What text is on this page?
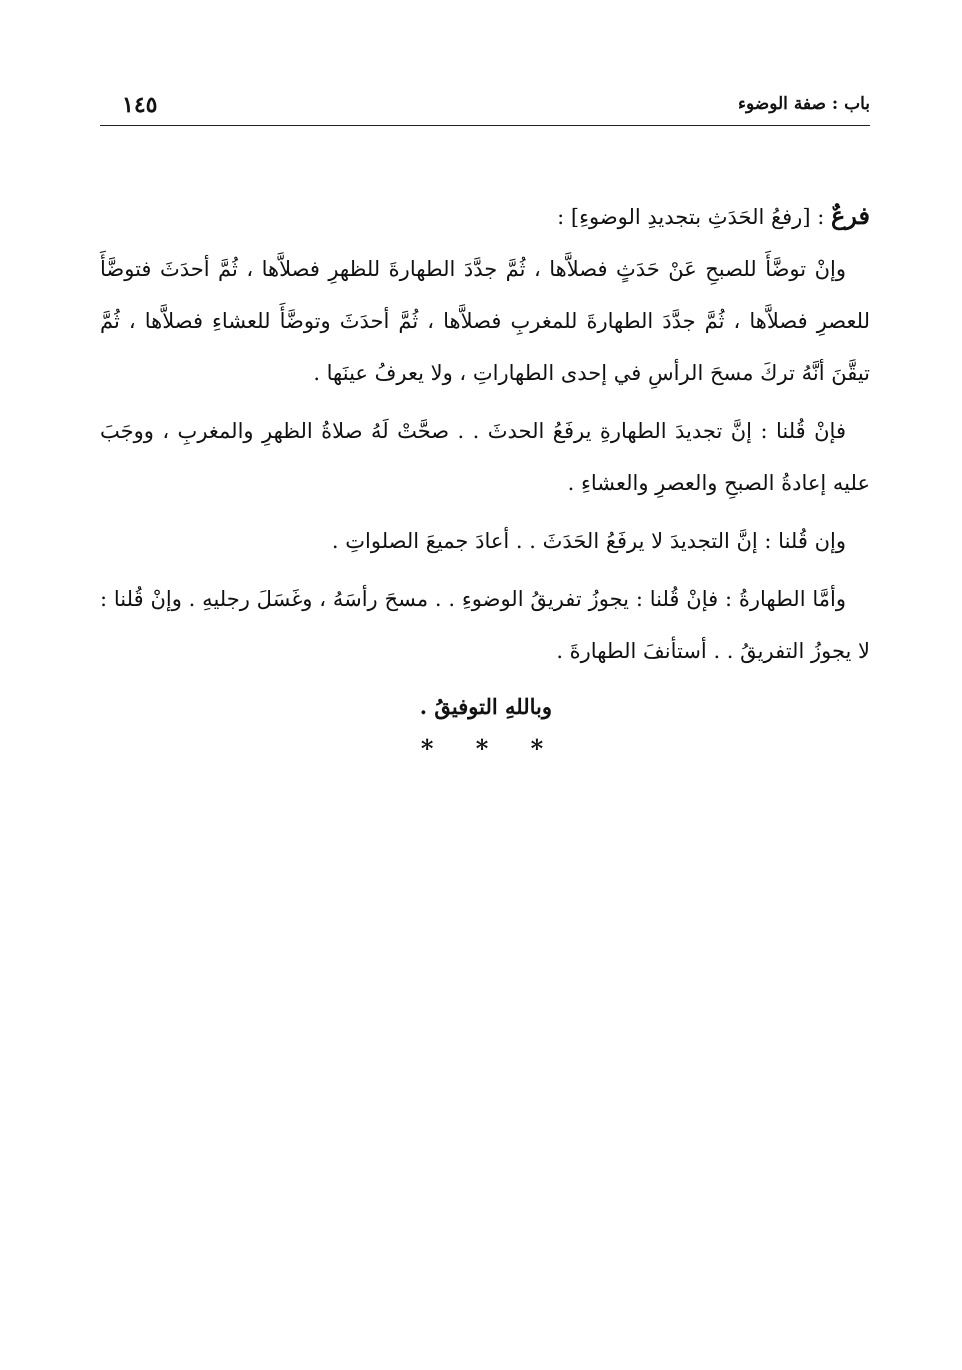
باب : صفة الوضوء
١٤٥

فرعٌ : [رفعُ الحَدَثِ بتجديدِ الوضوءِ] :

وإنْ توضَّأَ للصبحِ عَنْ حَدَثٍ فصلاَّها ، ثُمَّ جدَّدَ الطهارةَ للظهرِ فصلاَّها ، ثُمَّ أحدَثَ فتوضَّأَ للعصرِ فصلاَّها ، ثُمَّ جدَّدَ الطهارةَ للمغربِ فصلاَّها ، ثُمَّ أحدَثَ وتوضَّأَ للعشاءِ فصلاَّها ، ثُمَّ تيقَّنَ أنَّهُ تركَ مسحَ الرأسِ في إحدى الطهاراتِ ، ولا يعرفُ عينَها .

فإنْ قُلنا : إنَّ تجديدَ الطهارةِ يرفَعُ الحدثَ . . صحَّتْ لَهُ صلاةُ الظهرِ والمغربِ ، ووجَبَ عليه إعادةُ الصبحِ والعصرِ والعشاءِ .

وإن قُلنا : إنَّ التجديدَ لا يرفَعُ الحَدَثَ . . أعادَ جميعَ الصلواتِ .

وأمَّا الطهارةُ : فإنْ قُلنا : يجوزُ تفريقُ الوضوءِ . . مسحَ رأسَهُ ، وغَسَلَ رجليهِ . وإنْ قُلنا : لا يجوزُ التفريقُ . . أستأنفَ الطهارةَ .

وباللهِ التوفيقُ .

* * *
